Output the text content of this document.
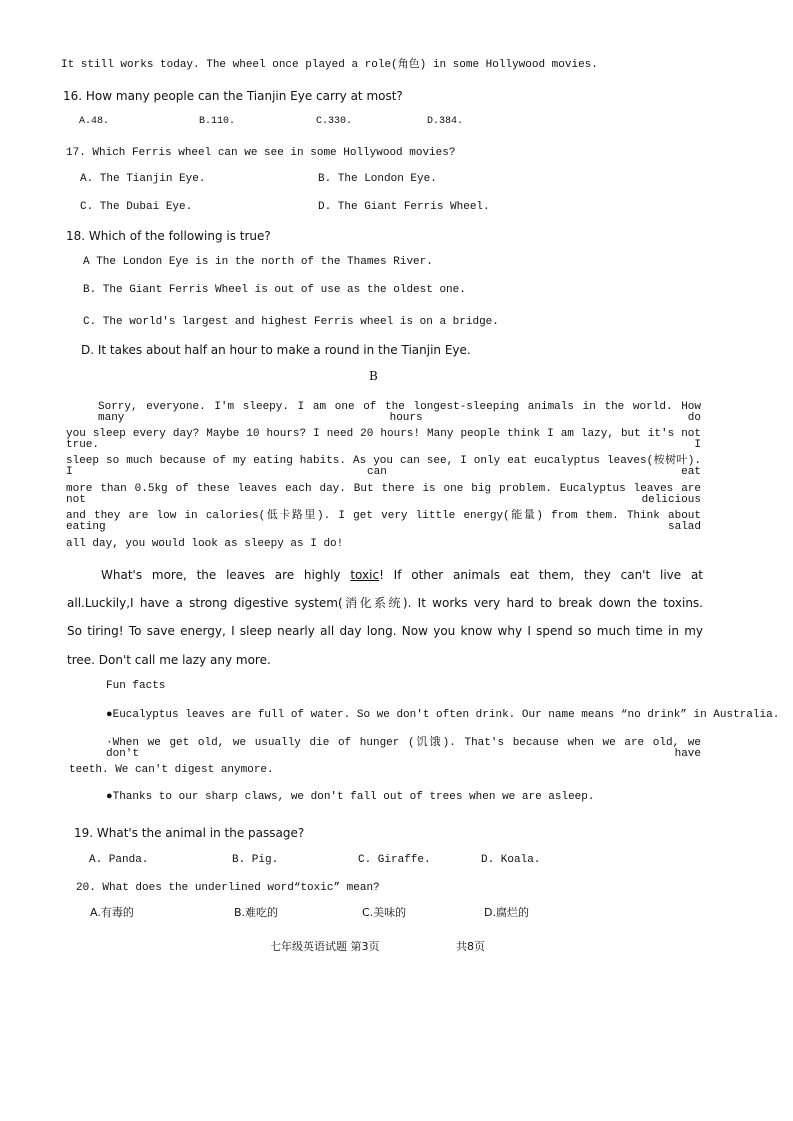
It still works today. The wheel once played a role(角色) in some Hollywood movies.
16. How many people can the Tianjin Eye carry at most?
A.48.	B.110.	C.330.	D.384.
17. Which Ferris wheel can we see in some Hollywood movies?
A. The Tianjin Eye.	B. The London Eye.
C. The Dubai Eye.	D. The Giant Ferris Wheel.
18. Which of the following is true?
A The London Eye is in the north of the Thames River.
B. The Giant Ferris Wheel is out of use as the oldest one.
C. The world's largest and highest Ferris wheel is on a bridge.
D. It takes about half an hour to make a round in the Tianjin Eye.
B
Sorry, everyone. I'm sleepy. I am one of the longest-sleeping animals in the world. How many hours do
you sleep every day? Maybe 10 hours? I need 20 hours! Many people think I am lazy, but it's not true. I
sleep so much because of my eating habits. As you can see, I only eat eucalyptus leaves(桉树叶). I can eat
more than 0.5kg of these leaves each day. But there is one big problem. Eucalyptus leaves are not delicious
and they are low in calories(低卡路里). I get very little energy(能量) from them. Think about eating salad
all day, you would look as sleepy as I do!
What's more, the leaves are highly toxic! If other animals eat them, they can't live at
all.Luckily,I have a strong digestive system(消化系统). It works very hard to break down the toxins.
So tiring! To save energy, I sleep nearly all day long. Now you know why I spend so much time in my
tree. Don't call me lazy any more.
Fun facts
●Eucalyptus leaves are full of water. So we don't often drink. Our name means “no drink” in Australia.
·When we get old, we usually die of hunger (饥饿). That's because when we are old, we don't have
teeth. We can't digest anymore.
●Thanks to our sharp claws, we don't fall out of trees when we are asleep.
19. What's the animal in the passage?
A. Panda.	B. Pig.	C. Giraffe.	D. Koala.
20. What does the underlined word“toxic” mean?
A.有毒的	B.难吃的	C.美味的	D.腐烂的
七年级英语试题 第3页	共8页
